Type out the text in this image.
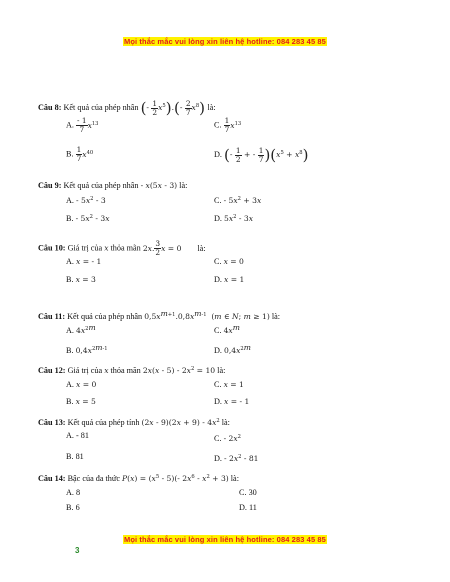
Mọi thắc mắc vui lòng xin liên hệ hotline: 084 283 45 85
Câu 8: Kết quả của phép nhân (- $\frac{1}{2} x^5).(- \frac{2}{7} x^8)$ là:
A. $\frac{- 1}{7} x^{13}$	C. $\frac{1}{7} x^{13}$
B. $\frac{1}{7} x^{40}$	D. (- $\frac{1}{2}$ + - $\frac{1}{7} )(x^5 + x^8)$
Câu 9: Kết quả của phép nhân - x(5x - 3) là:
A. - $5x^2 - 3$	C. - $5x^2 + 3x$
B. - $5x^2 - 3x$	D. $5x^2 - 3x$
Câu 10: Giá trị của x thỏa mãn 2x. $\frac{3}{2}$ x = 0 là:
A. x = - 1	C. x = 0
B. x = 3	D. x = 1
Câu 11: Kết quả của phép nhân $0,5x^{m+1}.0,8x^{m-1}$  (m ∈ N; m ≥ 1) là:
A. $4x^{2m}$	C. $4x^m$
B. $0,4x^{2m-1}$	D. $0,4x^{2m}$
Câu 12: Giá trị của x thỏa mãn $2x(x - 5) - 2x^2 = 10$ là:
A. x = 0	C. x = 1
B. x = 5	D. x = - 1
Câu 13: Kết quả của phép tính $(2x - 9)(2x + 9) - 4x^2$ là:
A. - 81	C. - $2x^2$
B. 81	D. - $2x^2 - 81$
Câu 14: Bậc của đa thức $P(x) = (x^5 - 5)(-$ $2x^6 - x^2 + 3$) là:
A. 8	C. 30
B. 6	D. 11
Mọi thắc mắc vui lòng xin liên hệ hotline: 084 283 45 85
3
